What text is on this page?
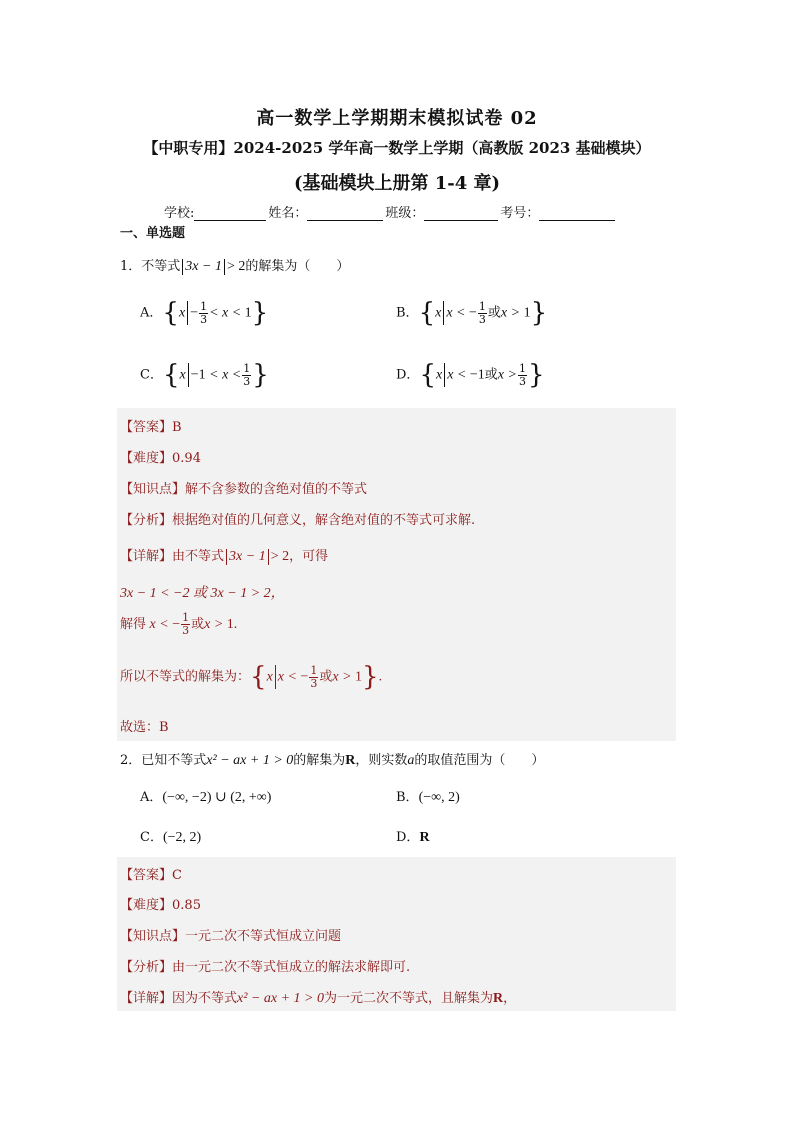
高一数学上学期期末模拟试卷 02
【中职专用】2024-2025 学年高一数学上学期（高教版 2023 基础模块）
(基础模块上册第 1-4 章)
学校:	姓名：	班级：	考号：
一、单选题
1．不等式 3x − 1 > 2的解集为（　　）
A．$\{x - \frac{1}{3} < x < 1\}$	B．{x x < − $\frac{1}{3}$ 或x > 1}
C．{$x -1 < x < \frac{1}{3}$ }	D．{x x < −1或$x > \frac{1}{3}$ }
【答案】B
【难度】0.94
【知识点】解不含参数的含绝对值的不等式
【分析】根据绝对值的几何意义，解含绝对值的不等式可求解.
【详解】由不等式 3x − 1 > 2，可得
3x − 1 < −2 或 3x − 1 > 2，
解得 x < − $\frac{1}{3}$ 或x > 1.
所以不等式的解集为：{x x < − $\frac{1}{3}$ 或x > 1}.
故选：B
2．已知不等式x² − ax + 1 > 0的解集为R，则实数a的取值范围为（　　）
A．(−∞, −2) ∪ (2, +∞)	B．(−∞, 2)
C．(−2, 2)	D．R
【答案】C
【难度】0.85
【知识点】一元二次不等式恒成立问题
【分析】由一元二次不等式恒成立的解法求解即可.
【详解】因为不等式x² − ax + 1 > 0为一元二次不等式，且解集为R，
